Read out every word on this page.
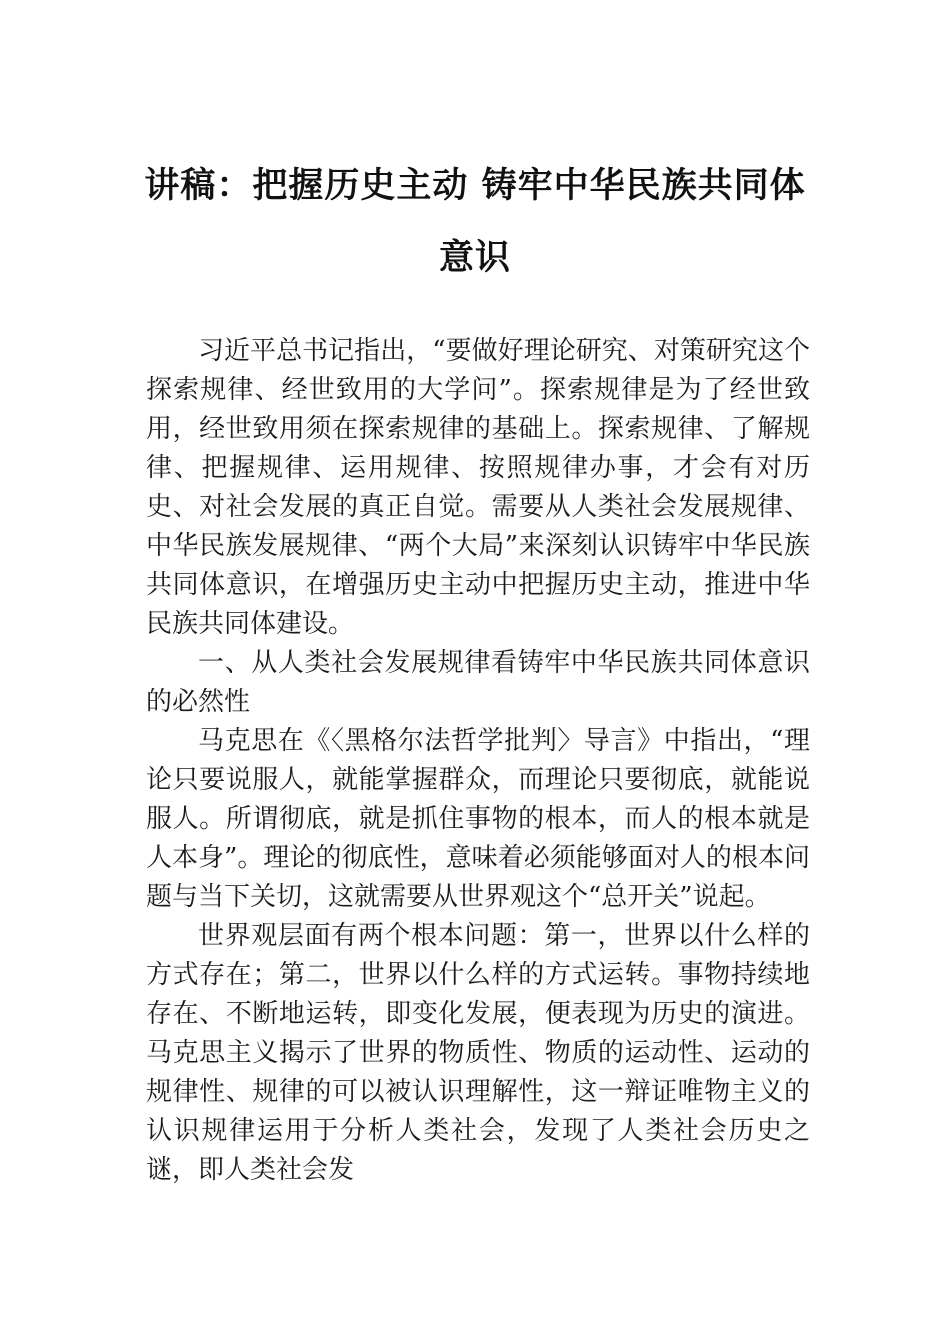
讲稿：把握历史主动 铸牢中华民族共同体
意识

习近平总书记指出，“要做好理论研究、对策研究这个探索规律、经世致用的大学问”。探索规律是为了经世致用，经世致用须在探索规律的基础上。探索规律、了解规律、把握规律、运用规律、按照规律办事，才会有对历史、对社会发展的真正自觉。需要从人类社会发展规律、中华民族发展规律、“两个大局”来深刻认识铸牢中华民族共同体意识，在增强历史主动中把握历史主动，推进中华民族共同体建设。

一、从人类社会发展规律看铸牢中华民族共同体意识的必然性

马克思在《〈黑格尔法哲学批判〉导言》中指出，“理论只要说服人，就能掌握群众，而理论只要彻底，就能说服人。所谓彻底，就是抓住事物的根本，而人的根本就是人本身”。理论的彻底性，意味着必须能够面对人的根本问题与当下关切，这就需要从世界观这个“总开关”说起。

世界观层面有两个根本问题：第一，世界以什么样的方式存在；第二，世界以什么样的方式运转。事物持续地存在、不断地运转，即变化发展，便表现为历史的演进。马克思主义揭示了世界的物质性、物质的运动性、运动的规律性、规律的可以被认识理解性，这一辩证唯物主义的认识规律运用于分析人类社会，发现了人类社会历史之谜，即人类社会发
